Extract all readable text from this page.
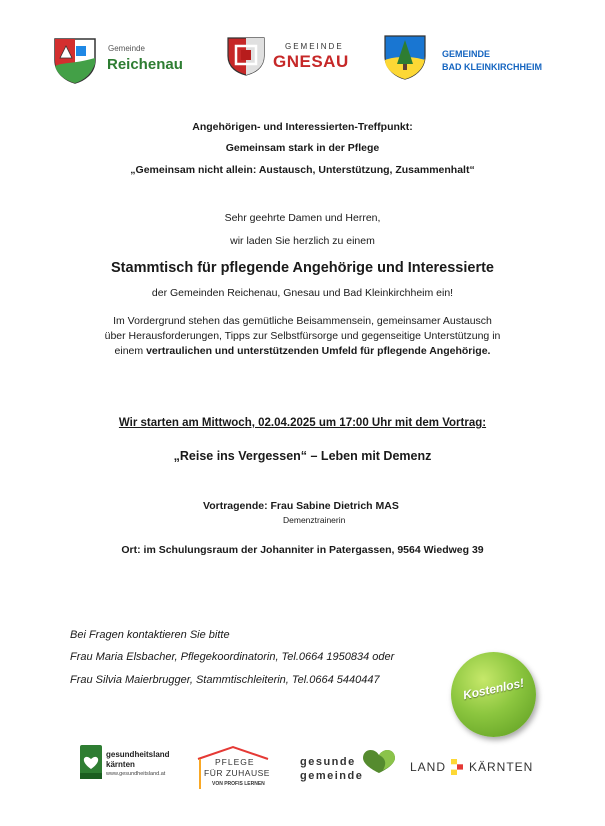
Gemeinde
Reichenau
GEMEINDE
GNESAU	GEMEINDE
BAD KLEINKIRCHHEIM
Angehörigen- und Interessierten-Treffpunkt:
Gemeinsam stark in der Pflege
„Gemeinsam nicht allein: Austausch, Unterstützung, Zusammenhalt“
Sehr geehrte Damen und Herren,
wir laden Sie herzlich zu einem
Stammtisch für pflegende Angehörige und Interessierte
der Gemeinden Reichenau, Gnesau und Bad Kleinkirchheim ein!
Im Vordergrund stehen das gemütliche Beisammensein, gemeinsamer Austausch
über Herausforderungen, Tipps zur Selbstfürsorge und gegenseitige Unterstützung in
einem vertraulichen und unterstützenden Umfeld für pflegende Angehörige.
Wir starten am Mittwoch, 02.04.2025 um 17:00 Uhr mit dem Vortrag:
„Reise ins Vergessen“ – Leben mit Demenz
Vortragende: Frau Sabine Dietrich MAS
Demenztrainerin
Ort: im Schulungsraum der Johanniter in Patergassen, 9564 Wiedweg 39
Bei Fragen kontaktieren Sie bitte
Frau Maria Elsbacher, Pflegekoordinatorin, Tel.0664 1950834 oder
Frau Silvia Maierbrugger, Stammtischleiterin, Tel.0664 5440447	Kostenlos!
gesundheitsland
kärnten
www.gesundheitsland.at
PFLEGE
FÜR ZUHAUSE
VON PROFIS LERNEN
gesunde
gemeinde
LAND KÄRNTEN
